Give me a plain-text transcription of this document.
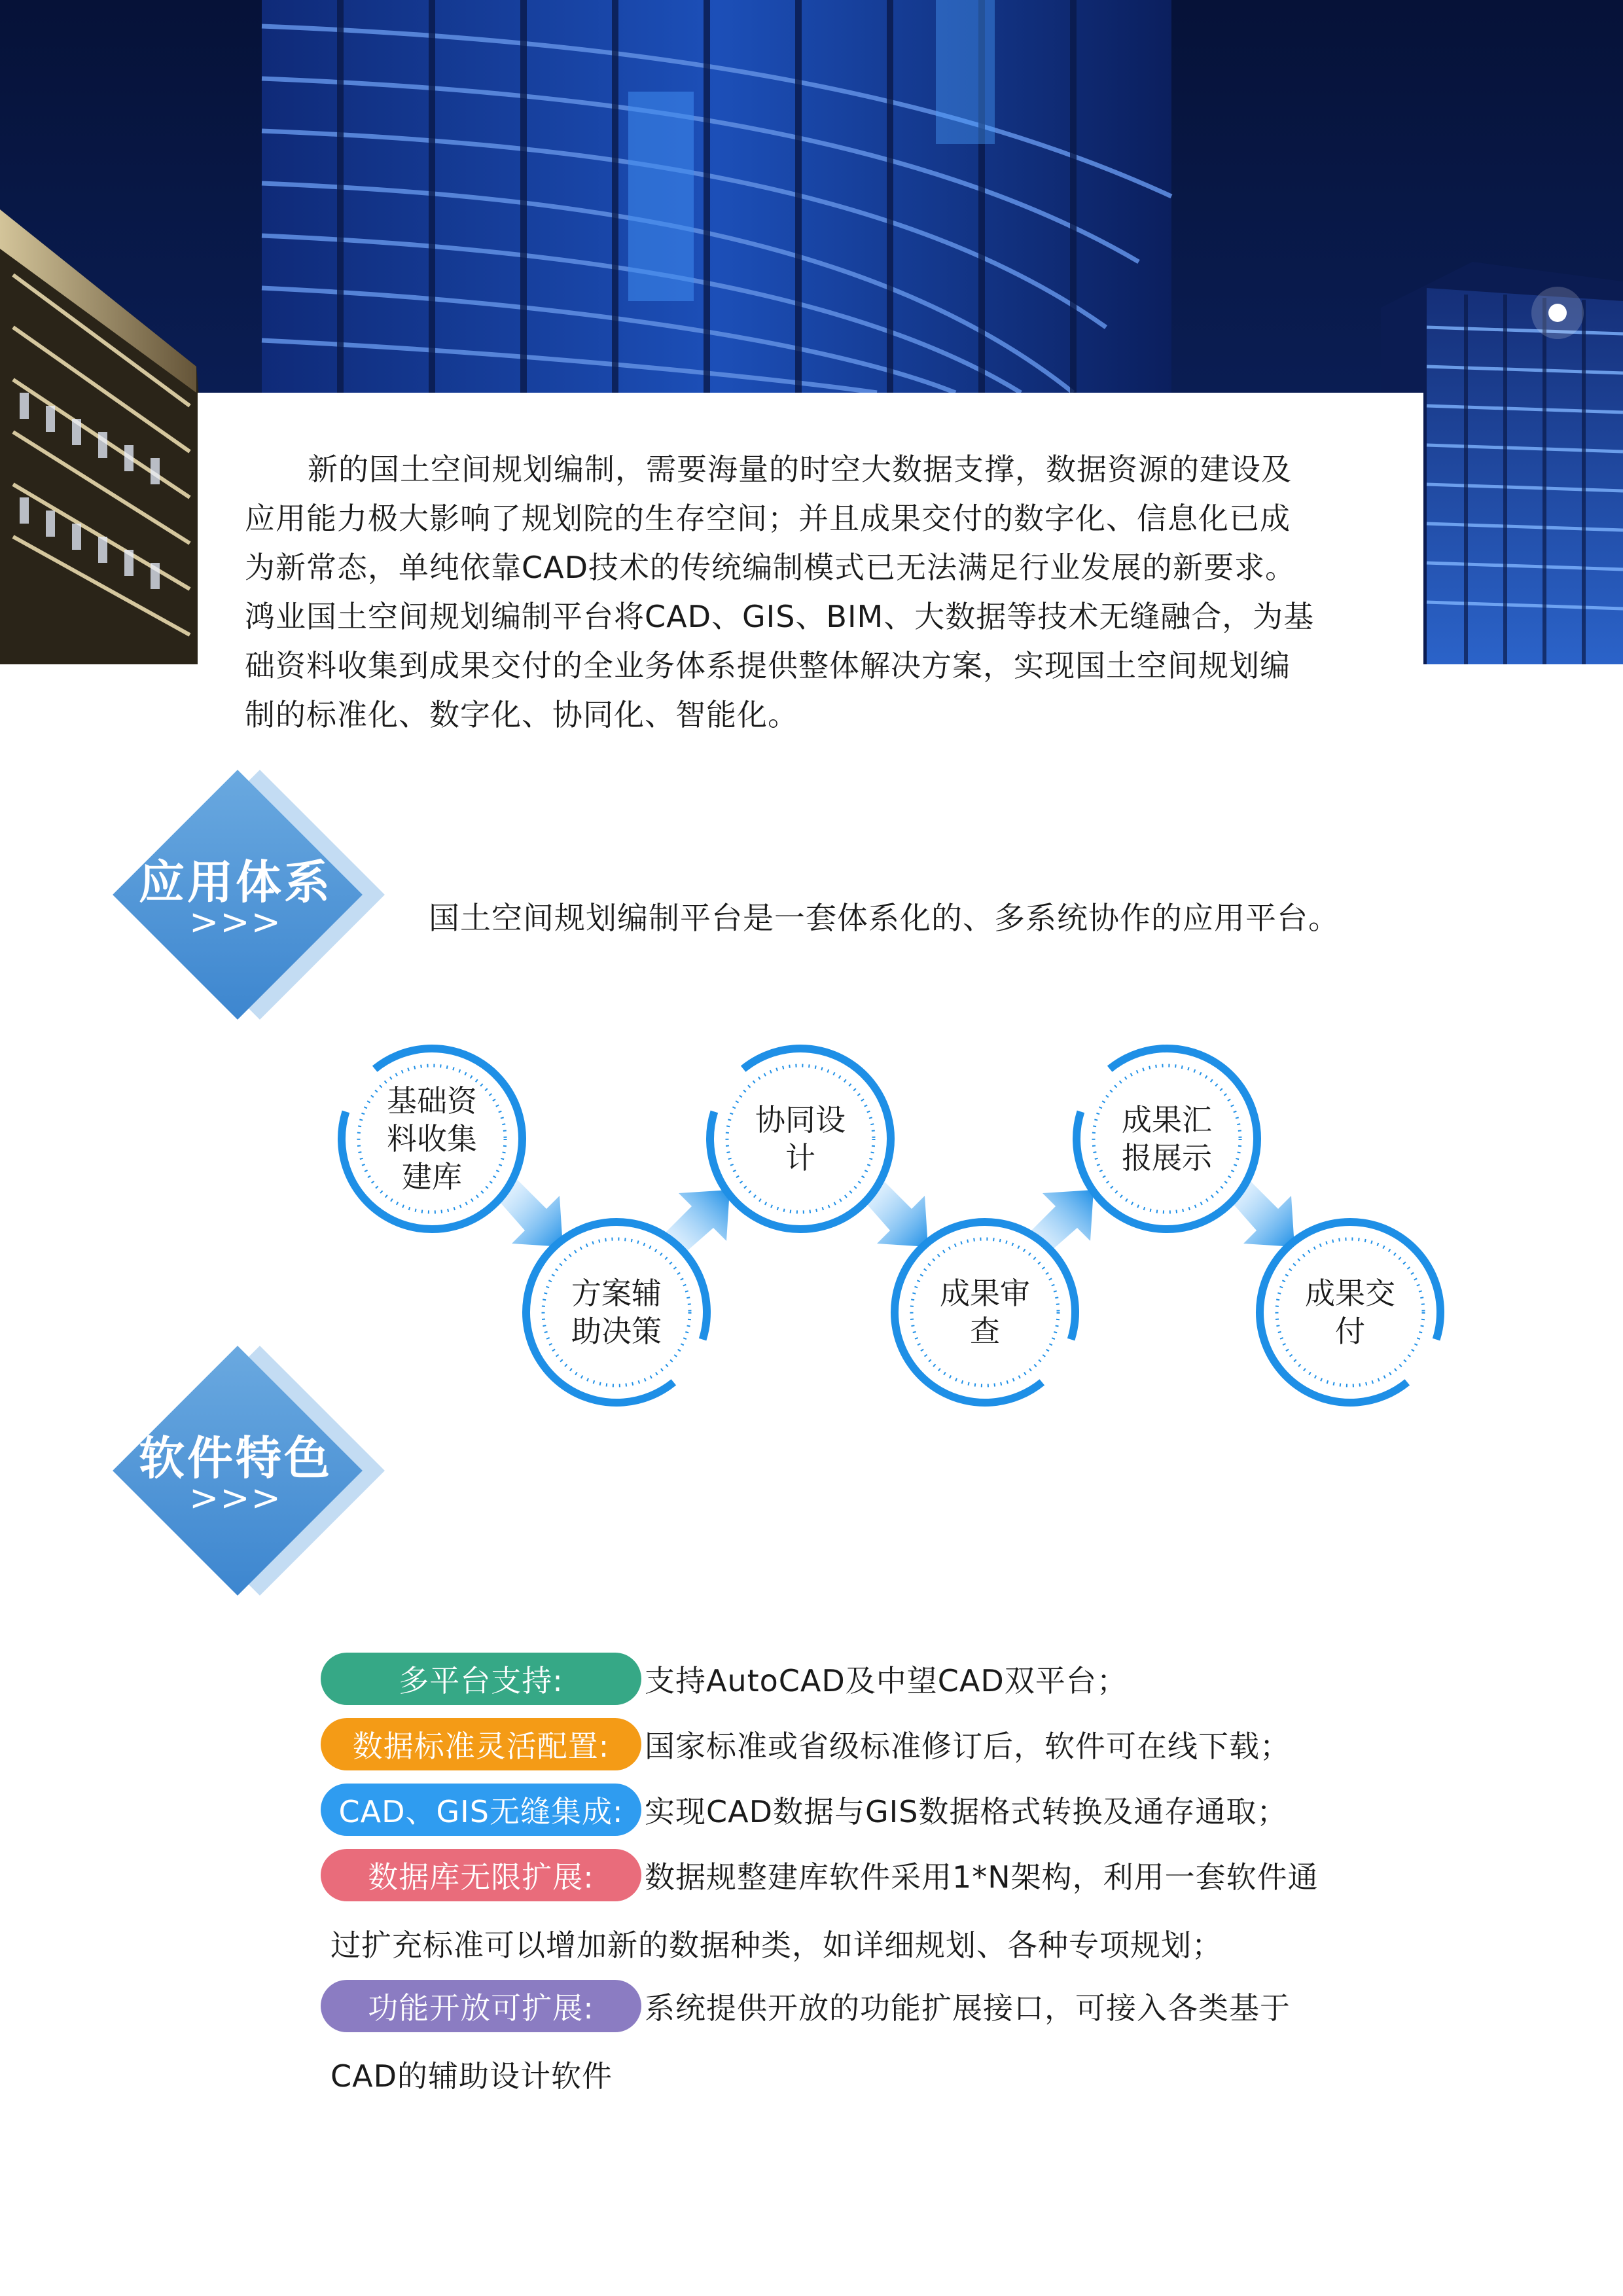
新的国土空间规划编制，需要海量的时空大数据支撑，数据资源的建设及
应用能力极大影响了规划院的生存空间；并且成果交付的数字化、信息化已成
为新常态，单纯依靠CAD技术的传统编制模式已无法满足行业发展的新要求。
鸿业国土空间规划编制平台将CAD、GIS、BIM、大数据等技术无缝融合，为基
础资料收集到成果交付的全业务体系提供整体解决方案，实现国土空间规划编
制的标准化、数字化、协同化、智能化。
应用体系
>>>	国土空间规划编制平台是一套体系化的、多系统协作的应用平台。
基础资料收集建库
方案辅助决策
协同设计
成果审查
成果汇报展示
成果交付
软件特色
>>>
多平台支持:	支持AutoCAD及中望CAD双平台；
数据标准灵活配置:	国家标准或省级标准修订后，软件可在线下载；
CAD、GIS无缝集成: 实现CAD数据与GIS数据格式转换及通存通取；
数据库无限扩展:	数据规整建库软件采用1*N架构，利用一套软件通
过扩充标准可以增加新的数据种类，如详细规划、各种专项规划；
功能开放可扩展:	系统提供开放的功能扩展接口，可接入各类基于
CAD的辅助设计软件
